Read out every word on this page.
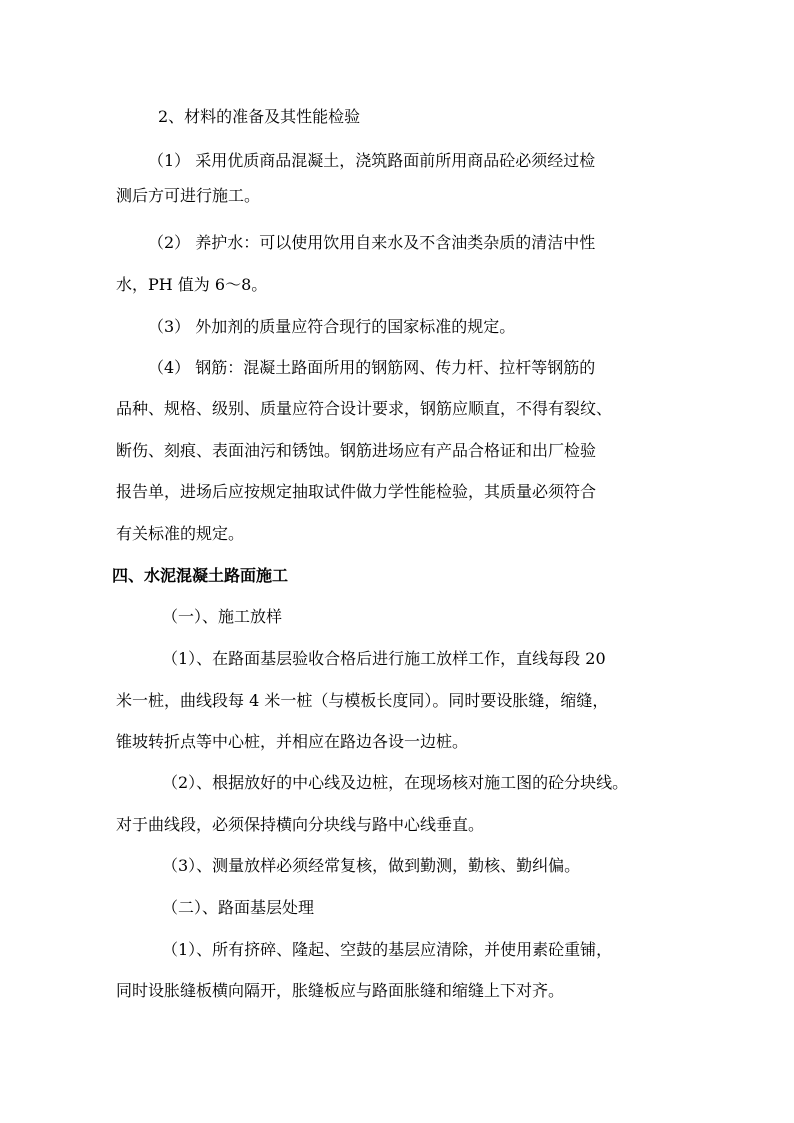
2、材料的准备及其性能检验
（1） 采用优质商品混凝土，浇筑路面前所用商品砼必须经过检
测后方可进行施工。
（2） 养护水：可以使用饮用自来水及不含油类杂质的清洁中性
水，PH 值为 6～8。
（3） 外加剂的质量应符合现行的国家标准的规定。
（4） 钢筋：混凝土路面所用的钢筋网、传力杆、拉杆等钢筋的
品种、规格、级别、质量应符合设计要求，钢筋应顺直，不得有裂纹、
断伤、刻痕、表面油污和锈蚀。钢筋进场应有产品合格证和出厂检验
报告单，进场后应按规定抽取试件做力学性能检验，其质量必须符合
有关标准的规定。
四、水泥混凝土路面施工
（一）、施工放样
（1）、在路面基层验收合格后进行施工放样工作，直线每段 20
米一桩，曲线段每 4 米一桩（与模板长度同）。同时要设胀缝，缩缝，
锥坡转折点等中心桩，并相应在路边各设一边桩。
（2）、根据放好的中心线及边桩，在现场核对施工图的砼分块线。
对于曲线段，必须保持横向分块线与路中心线垂直。
（3）、测量放样必须经常复核，做到勤测，勤核、勤纠偏。
（二）、路面基层处理
（1）、所有挤碎、隆起、空鼓的基层应清除，并使用素砼重铺，
同时设胀缝板横向隔开，胀缝板应与路面胀缝和缩缝上下对齐。
